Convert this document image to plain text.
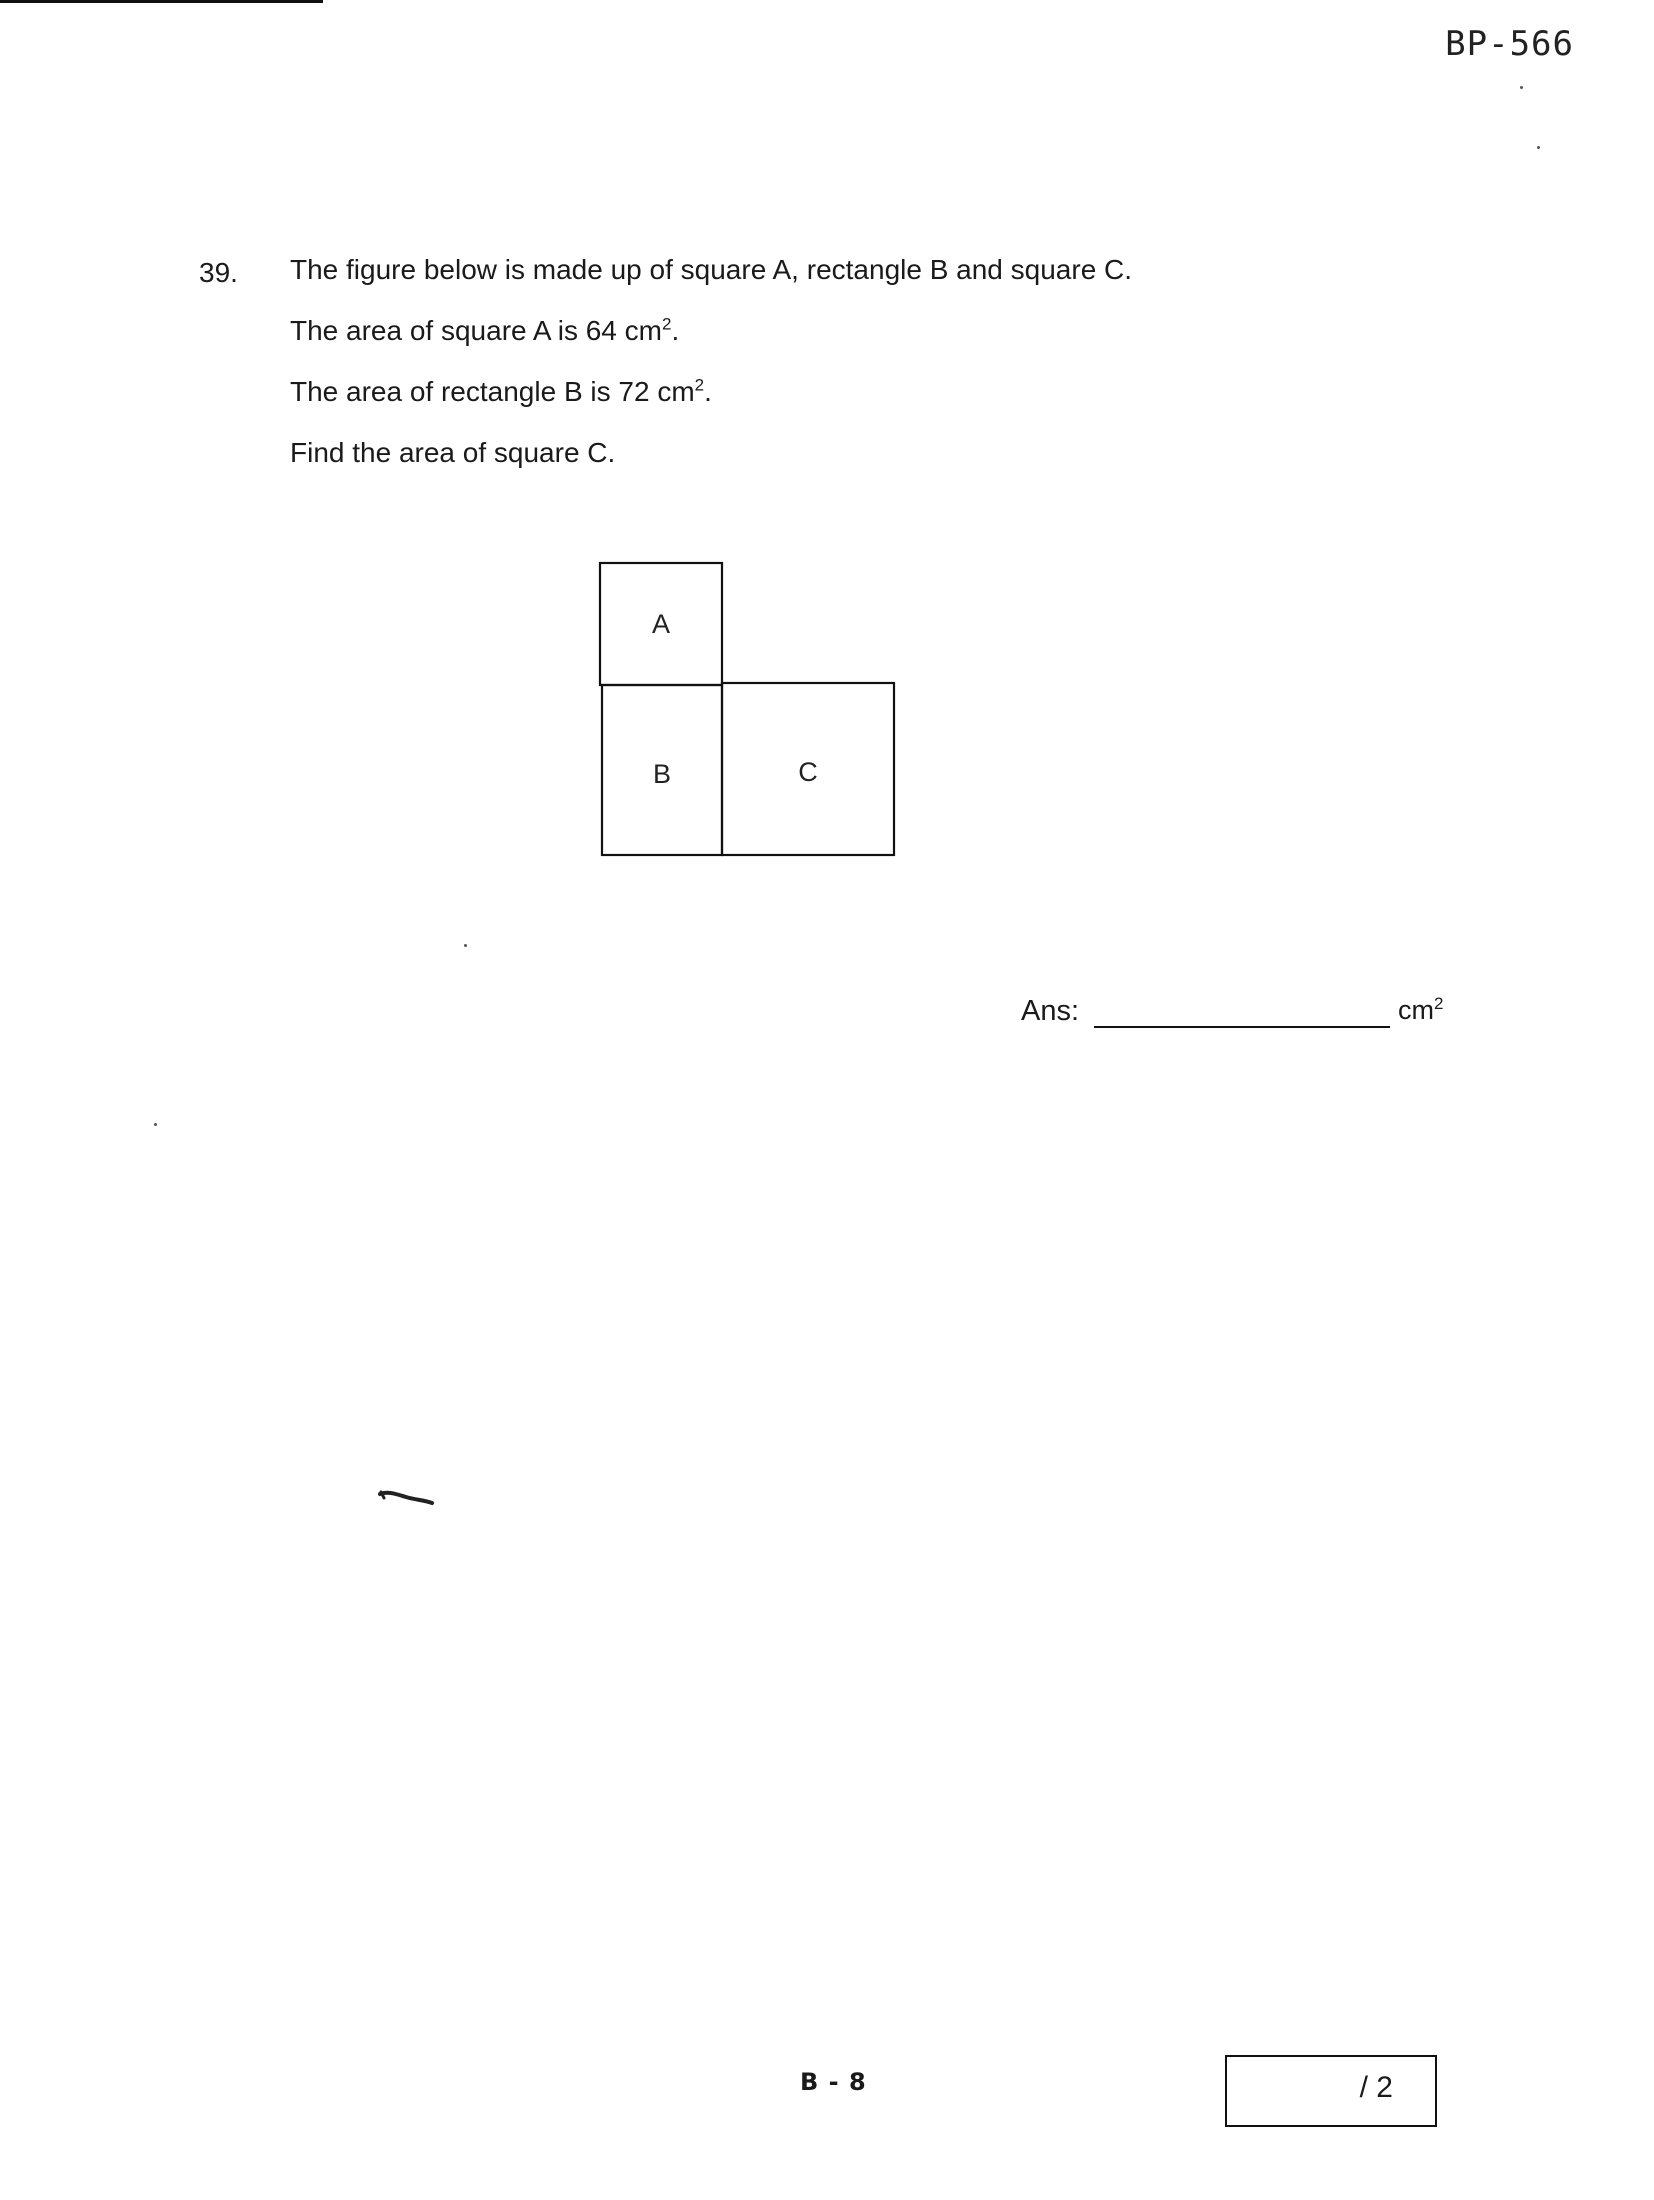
BP-566
39. The figure below is made up of square A, rectangle B and square C.
The area of square A is 64 $cm^2$.
The area of rectangle B is 72 $cm^2$.
Find the area of square C.
A
B	C
Ans:	$cm^2$
B - 8	/ 2
